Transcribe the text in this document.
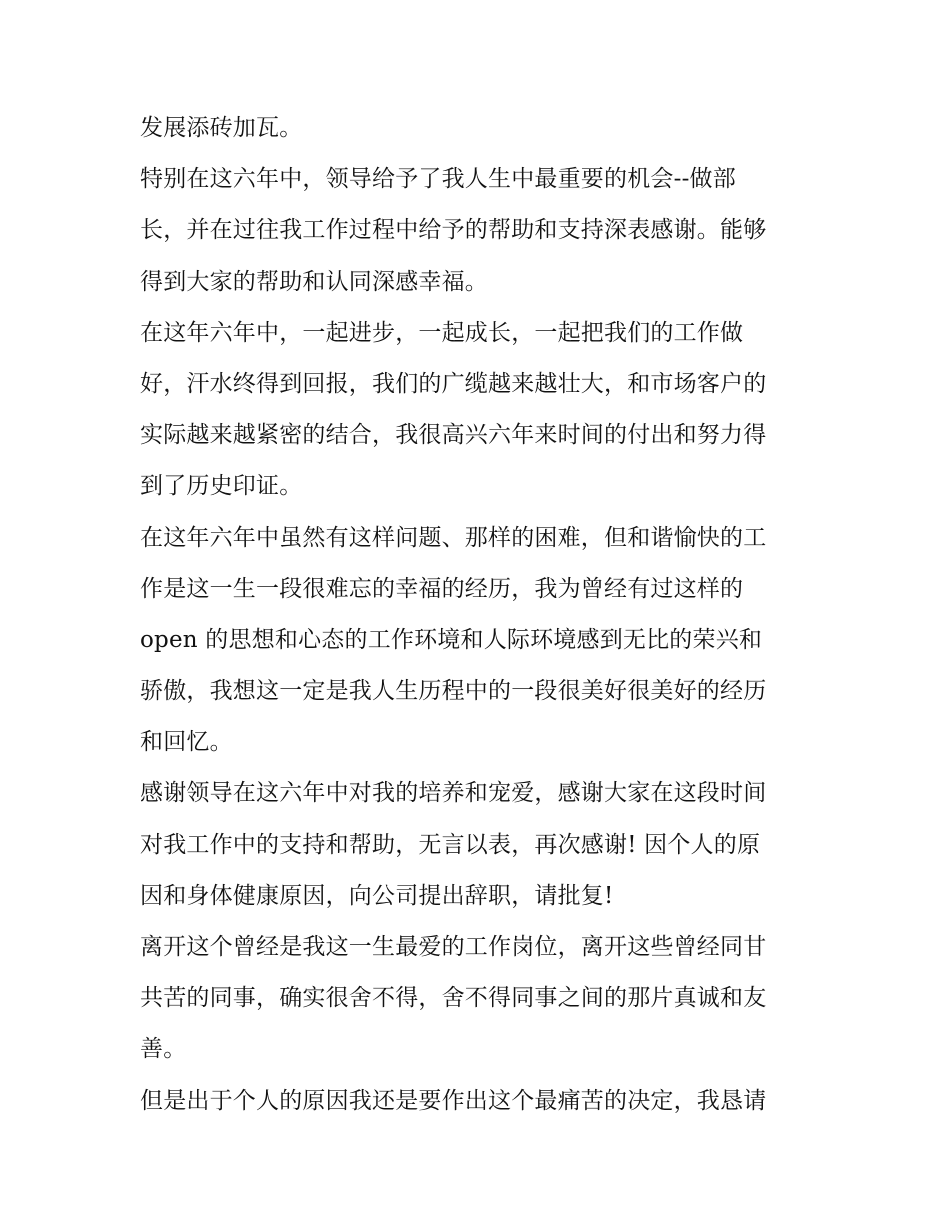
发展添砖加瓦。
特别在这六年中，领导给予了我人生中最重要的机会--做部
长，并在过往我工作过程中给予的帮助和支持深表感谢。能够
得到大家的帮助和认同深感幸福。
在这年六年中，一起进步，一起成长，一起把我们的工作做
好，汗水终得到回报，我们的广缆越来越壮大，和市场客户的
实际越来越紧密的结合，我很高兴六年来时间的付出和努力得
到了历史印证。
在这年六年中虽然有这样问题、那样的困难，但和谐愉快的工
作是这一生一段很难忘的幸福的经历，我为曾经有过这样的
open 的思想和心态的工作环境和人际环境感到无比的荣兴和
骄傲，我想这一定是我人生历程中的一段很美好很美好的经历
和回忆。
感谢领导在这六年中对我的培养和宠爱，感谢大家在这段时间
对我工作中的支持和帮助，无言以表，再次感谢! 因个人的原
因和身体健康原因，向公司提出辞职，请批复!
离开这个曾经是我这一生最爱的工作岗位，离开这些曾经同甘
共苦的同事，确实很舍不得，舍不得同事之间的那片真诚和友
善。
但是出于个人的原因我还是要作出这个最痛苦的决定，我恳请
